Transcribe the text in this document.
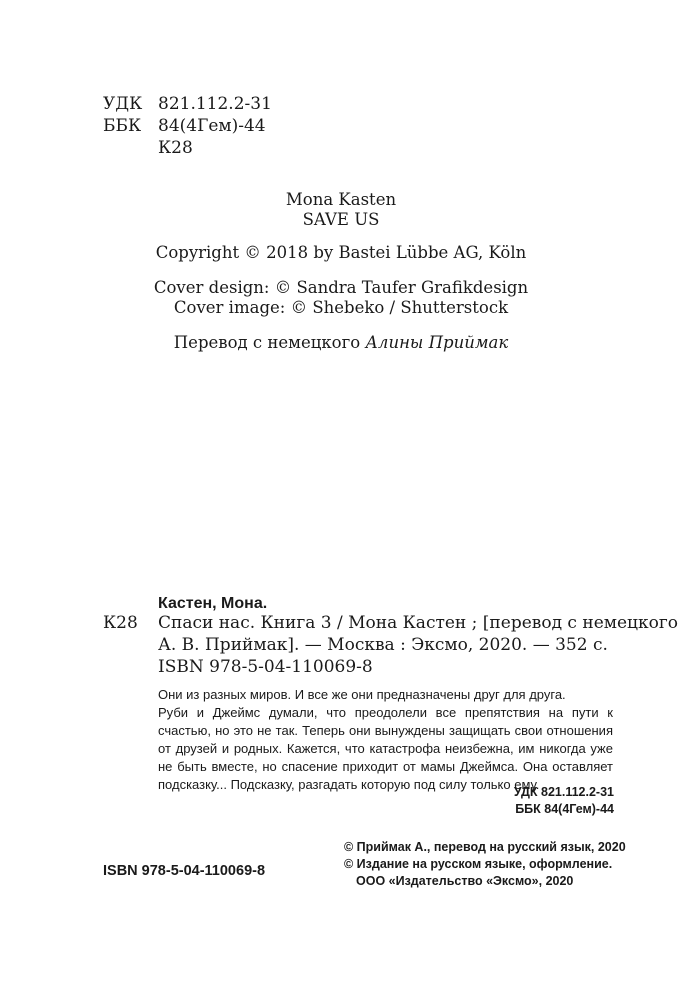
УДК 821.112.2-31
ББК 84(4Гем)-44
К28
Mona Kasten
SAVE US
Copyright © 2018 by Bastei Lübbe AG, Köln
Cover design: © Sandra Taufer Grafikdesign
Cover image: © Shebeko / Shutterstock
Перевод с немецкого Алины Приймак
Кастен, Мона.
К28 Спаси нас. Книга 3 / Мона Кастен ; [перевод с немецкого
А. В. Приймак]. — Москва : Эксмо, 2020. — 352 с.
ISBN 978-5-04-110069-8

Они из разных миров. И все же они предназначены друг для друга.

Руби и Джеймс думали, что преодолели все препятствия на пути к счастью, но это не так. Теперь они вынуждены защищать свои отношения от друзей и родных. Кажется, что катастрофа неизбежна, им никогда уже не быть вместе, но спасение приходит от мамы Джеймса. Она оставляет подсказку... Подсказку, разгадать которую под силу только ему.

УДК 821.112.2-31
ББК 84(4Гем)-44
ISBN 978-5-04-110069-8
© Приймак А., перевод на русский язык, 2020
© Издание на русском языке, оформление.
ООО «Издательство «Эксмо», 2020
